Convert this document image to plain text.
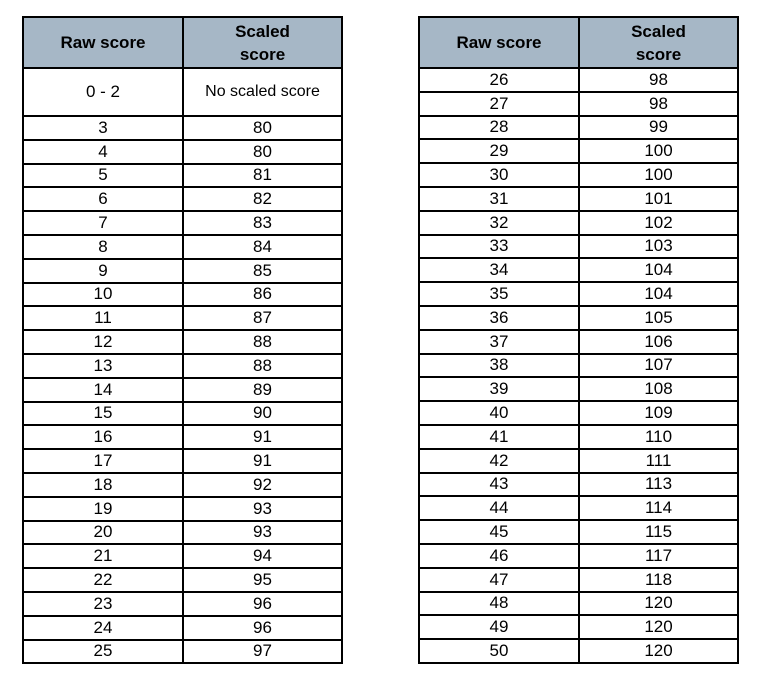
Raw score	Scaled
score
0 - 2	No scaled score
3	80
4	80
5	81
6	82
7	83
8	84
9	85
10	86
11	87
12	88
13	88
14	89
15	90
16	91
17	91
18	92
19	93
20	93
21	94
22	95
23	96
24	96
25	97
Raw score	Scaled
score
26	98
27	98
28	99
29	100
30	100
31	101
32	102
33	103
34	104
35	104
36	105
37	106
38	107
39	108
40	109
41	110
42	111
43	113
44	114
45	115
46	117
47	118
48	120
49	120
50	120
